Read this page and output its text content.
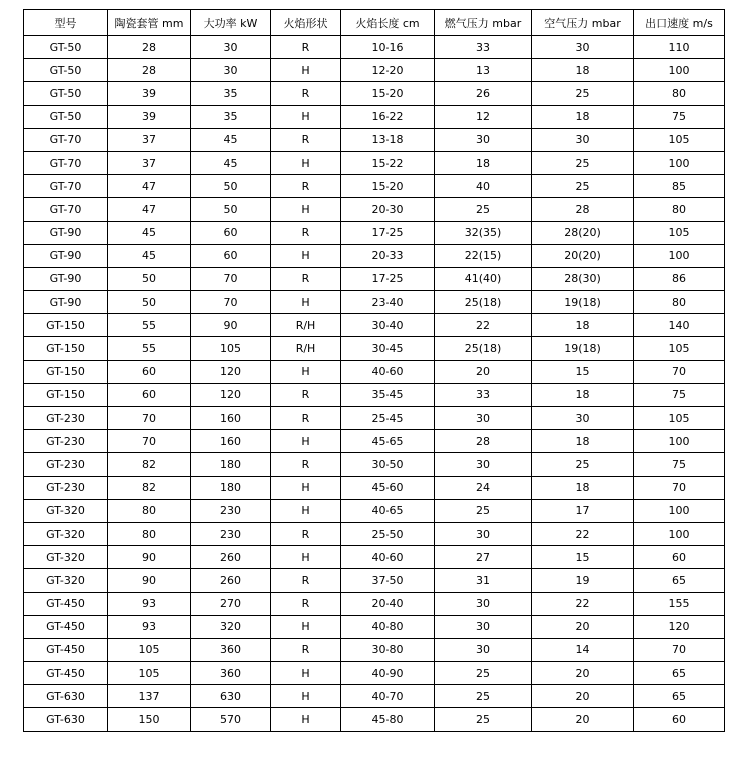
型号	陶瓷套管 mm	大功率 kW	火焰形状	火焰长度 cm	燃气压力 mbar	空气压力 mbar	出口速度 m/s
GT-50	28	30	R	10-16	33	30	110
GT-50	28	30	H	12-20	13	18	100
GT-50	39	35	R	15-20	26	25	80
GT-50	39	35	H	16-22	12	18	75
GT-70	37	45	R	13-18	30	30	105
GT-70	37	45	H	15-22	18	25	100
GT-70	47	50	R	15-20	40	25	85
GT-70	47	50	H	20-30	25	28	80
GT-90	45	60	R	17-25	32(35)	28(20)	105
GT-90	45	60	H	20-33	22(15)	20(20)	100
GT-90	50	70	R	17-25	41(40)	28(30)	86
GT-90	50	70	H	23-40	25(18)	19(18)	80
GT-150	55	90	R/H	30-40	22	18	140
GT-150	55	105	R/H	30-45	25(18)	19(18)	105
GT-150	60	120	H	40-60	20	15	70
GT-150	60	120	R	35-45	33	18	75
GT-230	70	160	R	25-45	30	30	105
GT-230	70	160	H	45-65	28	18	100
GT-230	82	180	R	30-50	30	25	75
GT-230	82	180	H	45-60	24	18	70
GT-320	80	230	H	40-65	25	17	100
GT-320	80	230	R	25-50	30	22	100
GT-320	90	260	H	40-60	27	15	60
GT-320	90	260	R	37-50	31	19	65
GT-450	93	270	R	20-40	30	22	155
GT-450	93	320	H	40-80	30	20	120
GT-450	105	360	R	30-80	30	14	70
GT-450	105	360	H	40-90	25	20	65
GT-630	137	630	H	40-70	25	20	65
GT-630	150	570	H	45-80	25	20	60
